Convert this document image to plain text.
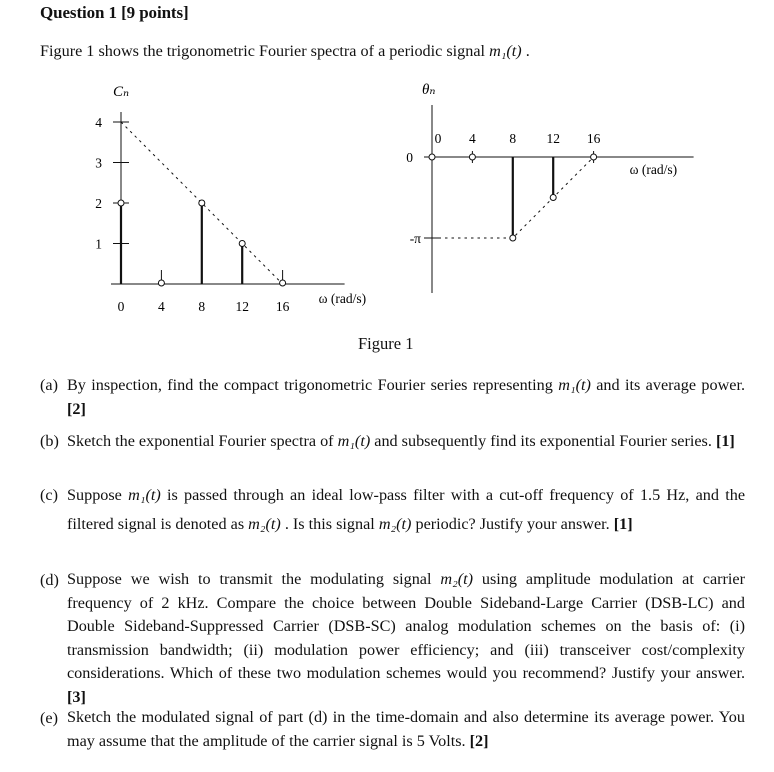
Question 1 [9 points]
Figure 1 shows the trigonometric Fourier spectra of a periodic signal m₁(t) .
1
2
3
4
0 4 8 12 16
Cₙ
ω (rad/s)
0
-π
0 4 8 12 16
θₙ
ω (rad/s)
Figure 1
(a) By inspection, find the compact trigonometric Fourier series representing m₁(t) and its average power. [2]
(b) Sketch the exponential Fourier spectra of m₁(t) and subsequently find its exponential Fourier series. [1]
(c) Suppose m₁(t) is passed through an ideal low-pass filter with a cut-off frequency of 1.5 Hz, and the filtered signal is denoted as m₂(t) . Is this signal m₂(t) periodic? Justify your answer. [1]
(d) Suppose we wish to transmit the modulating signal m₂(t) using amplitude modulation at carrier frequency of 2 kHz. Compare the choice between Double Sideband-Large Carrier (DSB-LC) and Double Sideband-Suppressed Carrier (DSB-SC) analog modulation schemes on the basis of: (i) transmission bandwidth; (ii) modulation power efficiency; and (iii) transceiver cost/complexity considerations. Which of these two modulation schemes would you recommend? Justify your answer. [3]
(e) Sketch the modulated signal of part (d) in the time-domain and also determine its average power. You may assume that the amplitude of the carrier signal is 5 Volts. [2]
